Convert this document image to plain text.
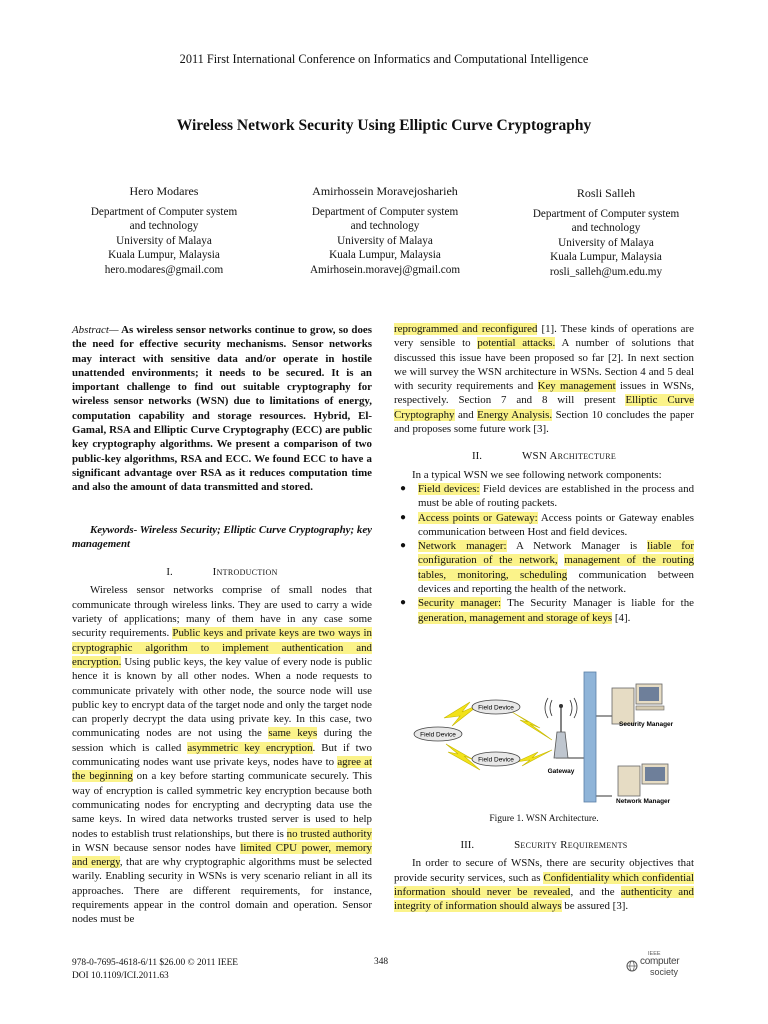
2011 First International Conference on Informatics and Computational Intelligence
Wireless Network Security Using Elliptic Curve Cryptography
Hero Modares
Department of Computer system
and technology
University of Malaya
Kuala Lumpur, Malaysia
hero.modares@gmail.com
Amirhossein Moravejosharieh
Department of Computer system
and technology
University of Malaya
Kuala Lumpur, Malaysia
Amirhosein.moravej@gmail.com
Rosli Salleh
Department of Computer system
and technology
University of Malaya
Kuala Lumpur, Malaysia
rosli_salleh@um.edu.my

Abstract— As wireless sensor networks continue to grow, so does the need for effective security mechanisms. Sensor networks may interact with sensitive data and/or operate in hostile unattended environments; it needs to be secured. It is an important challenge to find out suitable cryptography for wireless sensor networks (WSN) due to limitations of energy, computation capability and storage resources. Hybrid, El-Gamal, RSA and Elliptic Curve Cryptography (ECC) are public key cryptography algorithms. We present a comparison of two public-key algorithms, RSA and ECC. We found ECC to have a significant advantage over RSA as it reduces computation time and also the amount of data transmitted and stored.

Keywords- Wireless Security; Elliptic Curve Cryptography; key management

I.	Introduction

Wireless sensor networks comprise of small nodes that communicate through wireless links. They are used to carry a wide variety of applications; many of them have in any case some security requirements. Public keys and private keys are two ways in cryptographic algorithm to implement authentication and encryption. Using public keys, the key value of every node is public hence it is known by all other nodes. When a node requests to communicate privately with other node, the source node will use public key to encrypt data of the target node and only the target node can properly decrypt the data using private key. In this case, two communicating nodes are not using the same keys during the session which is called asymmetric key encryption. But if two communicating nodes want use private keys, nodes have to agree at the beginning on a key before starting communicate securely. This way of encryption is called symmetric key encryption because both communicating nodes for encrypting and decrypting data use the same keys. In wired data networks trusted server is used to help nodes to establish trust relationships, but there is no trusted authority in WSN because sensor nodes have limited CPU power, memory and energy, that are why cryptographic algorithms must be selected warily. Enabling security in WSNs is very scenario reliant in all its approaches. There are different requirements, for instance, requirements appear in the control domain and operation. Sensor nodes must be

reprogrammed and reconfigured [1]. These kinds of operations are very sensible to potential attacks. A number of solutions that discussed this issue have been proposed so far [2]. In next section we will survey the WSN architecture in WSNs. Section 4 and 5 deal with security requirements and Key management issues in WSNs, respectively. Section 7 and 8 will present Elliptic Curve Cryptography and Energy Analysis. Section 10 concludes the paper and proposes some future work [3].

II.	WSN Architecture

In a typical WSN we see following network components:

● Field devices: Field devices are established in the process and must be able of routing packets.
● Access points or Gateway: Access points or Gateway enables communication between Host and field devices.
● Network manager: A Network Manager is liable for configuration of the network, management of the routing tables, monitoring, scheduling communication between devices and reporting the health of the network.
● Security manager: The Security Manager is liable for the generation, management and storage of keys [4].
Field Device
Field Device
Field Device
Gateway
Security Manager
Network Manager
Figure 1. WSN Architecture.
III.	Security Requirements

In order to secure of WSNs, there are security objectives that provide security services, such as Confidentiality which confidential information should never be revealed, and the authenticity and integrity of information should always be assured [3].

978-0-7695-4618-6/11 $26.00 © 2011 IEEE
DOI 10.1109/ICI.2011.63
348
IEEE
computer
society
